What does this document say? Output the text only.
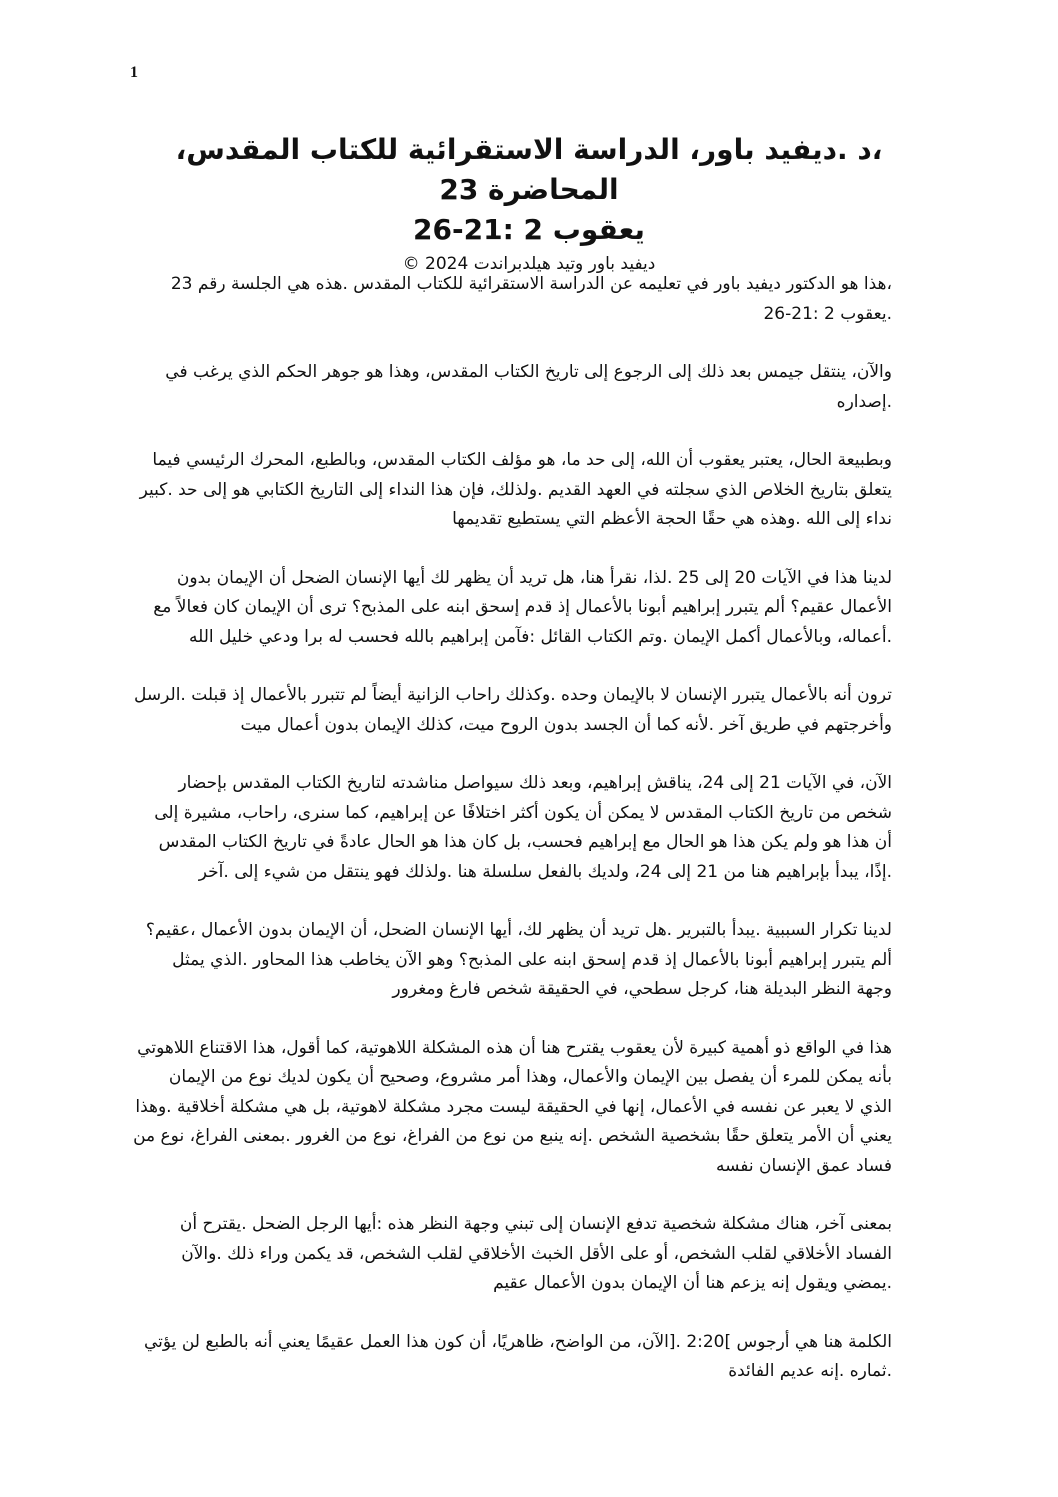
1
،د .ديفيد باور، الدراسة الاستقرائية للكتاب المقدس، المحاضرة 23
يعقوب 2 :21-26
ديفيد باور وتيد هيلدبراندت 2024 ©

،هذا هو الدكتور ديفيد باور في تعليمه عن الدراسة الاستقرائية للكتاب المقدس .هذه هي الجلسة رقم 23 .يعقوب 2 :21-26

والآن، ينتقل جيمس بعد ذلك إلى الرجوع إلى تاريخ الكتاب المقدس، وهذا هو جوهر الحكم الذي يرغب في .إصداره

وبطبيعة الحال، يعتبر يعقوب أن الله، إلى حد ما، هو مؤلف الكتاب المقدس، وبالطبع، المحرك الرئيسي فيما يتعلق بتاريخ الخلاص الذي سجلته في العهد القديم .ولذلك، فإن هذا النداء إلى التاريخ الكتابي هو إلى حد .كبير نداء إلى الله .وهذه هي حقًا الحجة الأعظم التي يستطيع تقديمها

لدينا هذا في الآيات 20 إلى 25 .لذا، نقرأ هنا، هل تريد أن يظهر لك أيها الإنسان الضحل أن الإيمان بدون الأعمال عقيم؟ ألم يتبرر إبراهيم أبونا بالأعمال إذ قدم إسحق ابنه على المذبح؟ ترى أن الإيمان كان فعالاً مع .أعماله، وبالأعمال أكمل الإيمان .وتم الكتاب القائل :فآمن إبراهيم بالله فحسب له برا ودعي خليل الله

ترون أنه بالأعمال يتبرر الإنسان لا بالإيمان وحده .وكذلك راحاب الزانية أيضاً لم تتبرر بالأعمال إذ قبلت .الرسل وأخرجتهم في طريق آخر .لأنه كما أن الجسد بدون الروح ميت، كذلك الإيمان بدون أعمال ميت

الآن، في الآيات 21 إلى 24، يناقش إبراهيم، وبعد ذلك سيواصل مناشدته لتاريخ الكتاب المقدس بإحضار شخص من تاريخ الكتاب المقدس لا يمكن أن يكون أكثر اختلافًا عن إبراهيم، كما سنرى، راحاب، مشيرة إلى أن هذا هو ولم يكن هذا هو الحال مع إبراهيم فحسب، بل كان هذا هو الحال عادةً في تاريخ الكتاب المقدس .إذًا، يبدأ بإبراهيم هنا من 21 إلى 24، ولديك بالفعل سلسلة هنا .ولذلك فهو ينتقل من شيء إلى .آخر

لدينا تكرار السببية .يبدأ بالتبرير .هل تريد أن يظهر لك، أيها الإنسان الضحل، أن الإيمان بدون الأعمال ،عقيم؟ ألم يتبرر إبراهيم أبونا بالأعمال إذ قدم إسحق ابنه على المذبح؟ وهو الآن يخاطب هذا المحاور .الذي يمثل وجهة النظر البديلة هنا، كرجل سطحي، في الحقيقة شخص فارغ ومغرور

هذا في الواقع ذو أهمية كبيرة لأن يعقوب يقترح هنا أن هذه المشكلة اللاهوتية، كما أقول، هذا الاقتناع اللاهوتي بأنه يمكن للمرء أن يفصل بين الإيمان والأعمال، وهذا أمر مشروع، وصحيح أن يكون لديك نوع من الإيمان الذي لا يعبر عن نفسه في الأعمال، إنها في الحقيقة ليست مجرد مشكلة لاهوتية، بل هي مشكلة أخلاقية .وهذا يعني أن الأمر يتعلق حقًا بشخصية الشخص .إنه ينبع من نوع من الفراغ، نوع من الغرور .بمعنى الفراغ، نوع من فساد عمق الإنسان نفسه

بمعنى آخر، هناك مشكلة شخصية تدفع الإنسان إلى تبني وجهة النظر هذه :أيها الرجل الضحل .يقترح أن الفساد الأخلاقي لقلب الشخص، أو على الأقل الخبث الأخلاقي لقلب الشخص، قد يكمن وراء ذلك .والآن .يمضي ويقول إنه يزعم هنا أن الإيمان بدون الأعمال عقيم

الكلمة هنا هي أرجوس ]2:20 .[الآن، من الواضح، ظاهريًا، أن كون هذا العمل عقيمًا يعني أنه بالطبع لن يؤتي .ثماره .إنه عديم الفائدة
